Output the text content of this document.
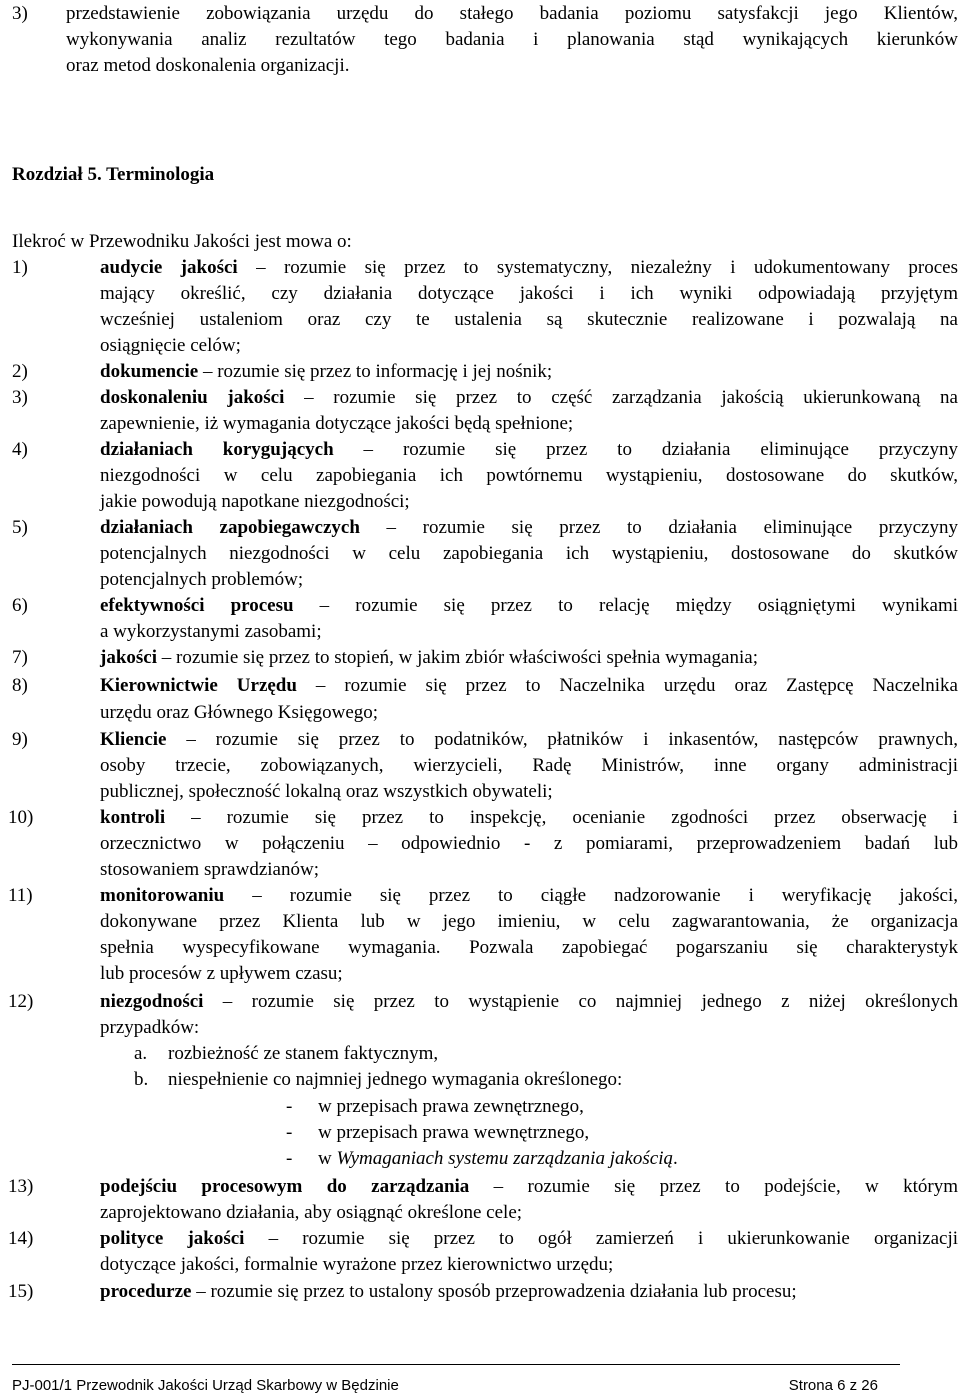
3) przedstawienie zobowiązania urzędu do stałego badania poziomu satysfakcji jego Klientów,
wykonywania analiz rezultatów tego badania i planowania stąd wynikających kierunków
oraz metod doskonalenia organizacji.
Rozdział 5. Terminologia
Ilekroć w Przewodniku Jakości jest mowa o:
1)	audycie jakości – rozumie się przez to systematyczny, niezależny i udokumentowany proces
mający określić, czy działania dotyczące jakości i ich wyniki odpowiadają przyjętym
wcześniej ustaleniom oraz czy te ustalenia są skutecznie realizowane i pozwalają na
osiągnięcie celów;
2)	dokumencie – rozumie się przez to informację i jej nośnik;
3)	doskonaleniu jakości – rozumie się przez to część zarządzania jakością ukierunkowaną na
zapewnienie, iż wymagania dotyczące jakości będą spełnione;
4)	działaniach korygujących – rozumie się przez to działania eliminujące przyczyny
niezgodności w celu zapobiegania ich powtórnemu wystąpieniu, dostosowane do skutków,
jakie powodują napotkane niezgodności;
5)	działaniach zapobiegawczych – rozumie się przez to działania eliminujące przyczyny
potencjalnych niezgodności w celu zapobiegania ich wystąpieniu, dostosowane do skutków
potencjalnych problemów;
6)	efektywności procesu – rozumie się przez to relację między osiągniętymi wynikami
a wykorzystanymi zasobami;
7)	jakości – rozumie się przez to stopień, w jakim zbiór właściwości spełnia wymagania;
8)	Kierownictwie Urzędu – rozumie się przez to Naczelnika urzędu oraz Zastępcę Naczelnika
urzędu oraz Głównego Księgowego;
9)	Kliencie – rozumie się przez to podatników, płatników i inkasentów, następców prawnych,
osoby trzecie, zobowiązanych, wierzycieli, Radę Ministrów, inne organy administracji
publicznej, społeczność lokalną oraz wszystkich obywateli;
10)	kontroli – rozumie się przez to inspekcję, ocenianie zgodności przez obserwację i
orzecznictwo w połączeniu – odpowiednio - z pomiarami, przeprowadzeniem badań lub
stosowaniem sprawdzianów;
11)	monitorowaniu – rozumie się przez to ciągłe nadzorowanie i weryfikację jakości,
dokonywane przez Klienta lub w jego imieniu, w celu zagwarantowania, że organizacja
spełnia wyspecyfikowane wymagania. Pozwala zapobiegać pogarszaniu się charakterystyk
lub procesów z upływem czasu;
12)	niezgodności – rozumie się przez to wystąpienie co najmniej jednego z niżej określonych
przypadków:
a. rozbieżność ze stanem faktycznym,
b. niespełnienie co najmniej jednego wymagania określonego:
- w przepisach prawa zewnętrznego,
- w przepisach prawa wewnętrznego,
- w Wymaganiach systemu zarządzania jakością.
13)	podejściu procesowym do zarządzania – rozumie się przez to podejście, w którym
zaprojektowano działania, aby osiągnąć określone cele;
14)	polityce jakości – rozumie się przez to ogół zamierzeń i ukierunkowanie organizacji
dotyczące jakości, formalnie wyrażone przez kierownictwo urzędu;
15)	procedurze – rozumie się przez to ustalony sposób przeprowadzenia działania lub procesu;
PJ-001/1 Przewodnik Jakości Urząd Skarbowy w Będzinie	Strona 6 z 26
